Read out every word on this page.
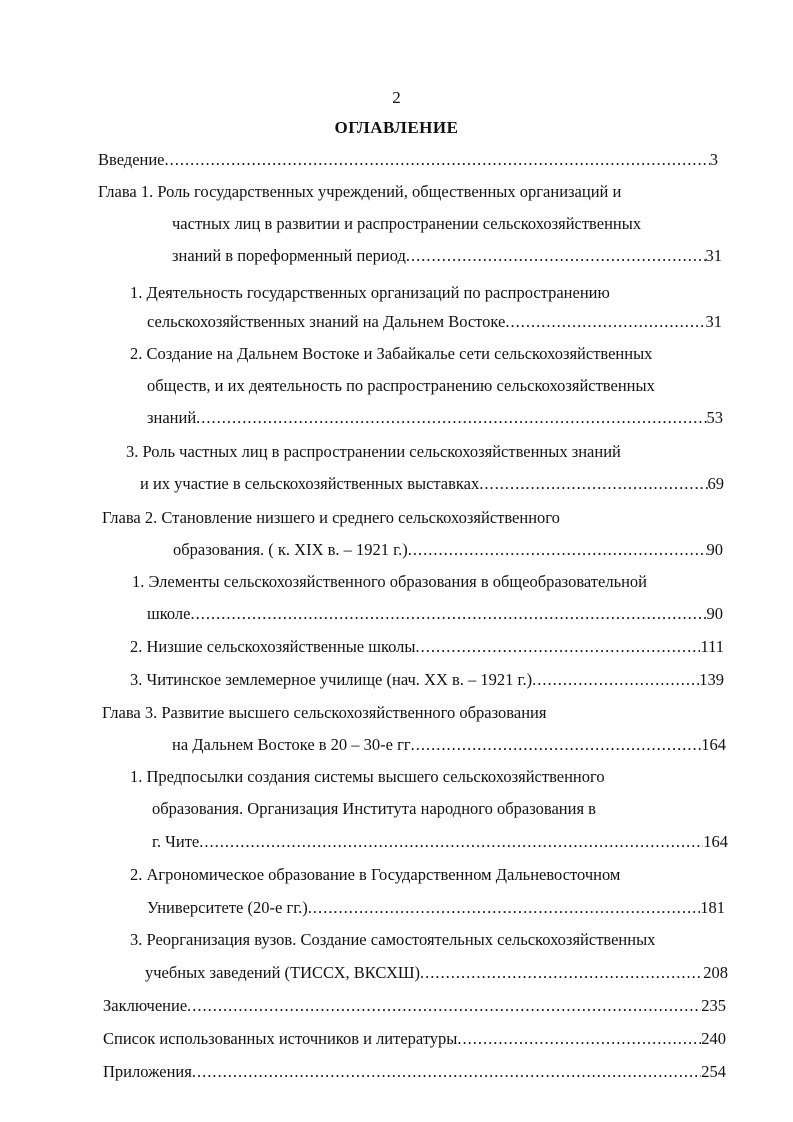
2
ОГЛАВЛЕНИЕ
Введение .....	3
Глава 1. Роль государственных учреждений, общественных организаций и
частных лиц в развитии и распространении сельскохозяйственных
знаний в пореформенный период .....	31
1. Деятельность государственных организаций по распространению
сельскохозяйственных знаний на Дальнем Востоке .....	31
2. Создание на Дальнем Востоке и Забайкалье сети сельскохозяйственных
обществ, и их деятельность по распространению сельскохозяйственных
знаний .....	53
3. Роль частных лиц в распространении сельскохозяйственных знаний
и их участие в сельскохозяйственных выставках .....	69
Глава 2. Становление низшего и среднего сельскохозяйственного
образования. ( к. XIX в. – 1921 г.) .....	90
1. Элементы сельскохозяйственного образования в общеобразовательной
школе .....	90
2. Низшие сельскохозяйственные школы .....	111
3. Читинское землемерное училище (нач. XX в. – 1921 г.) .....	139
Глава 3. Развитие высшего сельскохозяйственного образования
на Дальнем Востоке в 20 – 30-е гг .....	164
1. Предпосылки создания системы высшего сельскохозяйственного
образования. Организация Института народного образования в
г. Чите .....	164
2. Агрономическое образование в Государственном Дальневосточном
Университете (20-е гг.) .....	181
3. Реорганизация вузов. Создание самостоятельных сельскохозяйственных
учебных заведений (ТИССХ, ВКСХШ) .....	208
Заключение .....	235
Список использованных источников и литературы .....	240
Приложения .....	254
